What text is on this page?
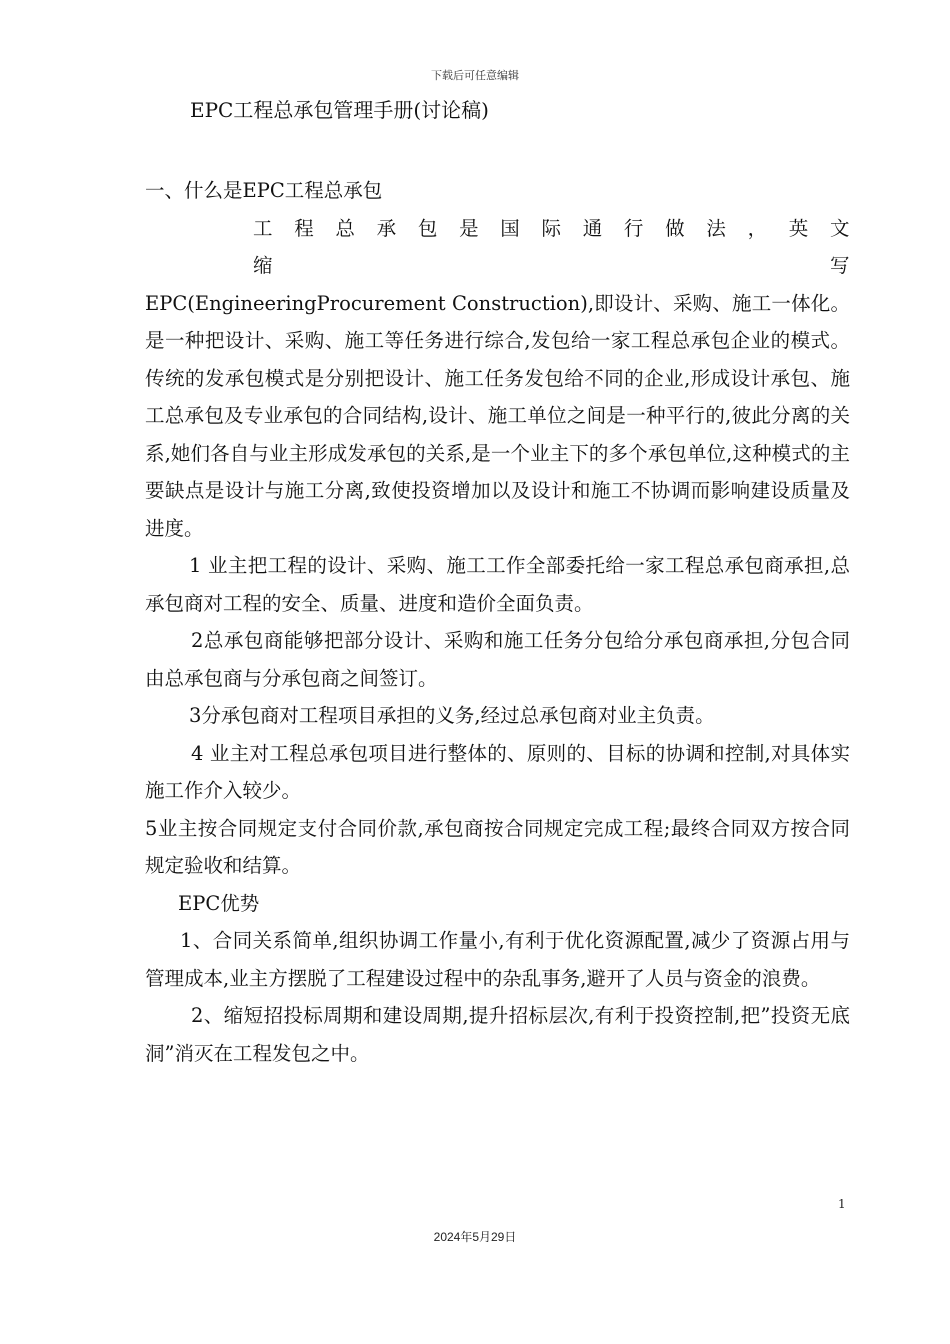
下载后可任意编辑
EPC工程总承包管理手册(讨论稿)

一、什么是EPC工程总承包

工 程 总 承 包 是 国 际 通 行 做 法 ， 英 文 缩 写

EPC(EngineeringProcurement Construction),即设计、采购、施工一体化。是一种把设计、采购、施工等任务进行综合,发包给一家工程总承包企业的模式。传统的发承包模式是分别把设计、施工任务发包给不同的企业,形成设计承包、施工总承包及专业承包的合同结构,设计、施工单位之间是一种平行的,彼此分离的关系,她们各自与业主形成发承包的关系,是一个业主下的多个承包单位,这种模式的主要缺点是设计与施工分离,致使投资增加以及设计和施工不协调而影响建设质量及进度。

1 业主把工程的设计、采购、施工工作全部委托给一家工程总承包商承担,总承包商对工程的安全、质量、进度和造价全面负责。

2总承包商能够把部分设计、采购和施工任务分包给分承包商承担,分包合同由总承包商与分承包商之间签订。

3分承包商对工程项目承担的义务,经过总承包商对业主负责。

4 业主对工程总承包项目进行整体的、原则的、目标的协调和控制,对具体实施工作介入较少。

5业主按合同规定支付合同价款,承包商按合同规定完成工程;最终合同双方按合同规定验收和结算。

EPC优势

1、合同关系简单,组织协调工作量小,有利于优化资源配置,减少了资源占用与管理成本,业主方摆脱了工程建设过程中的杂乱事务,避开了人员与资金的浪费。

2、缩短招投标周期和建设周期,提升招标层次,有利于投资控制,把”投资无底洞”消灭在工程发包之中。

1
2024年5月29日
